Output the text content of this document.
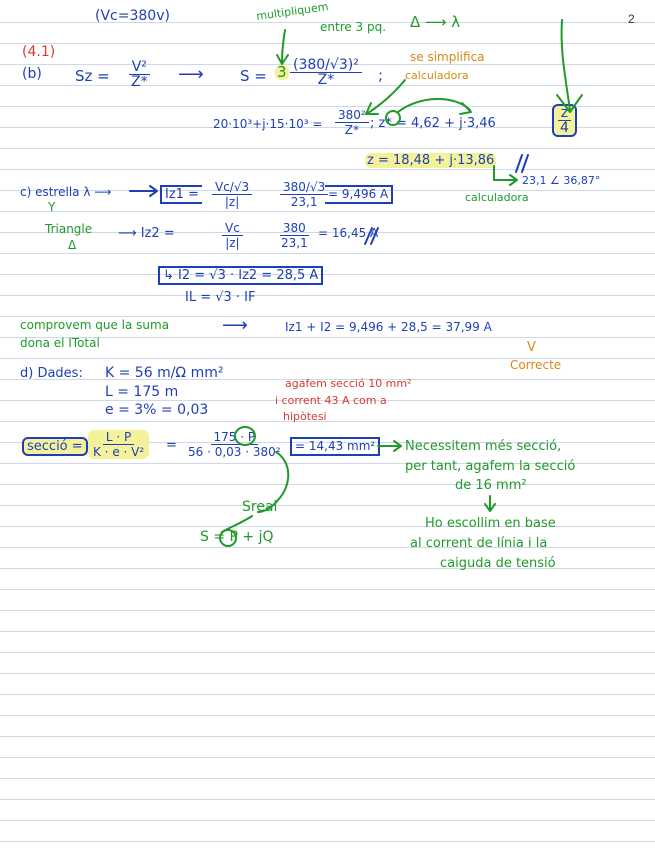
2
(Vc=380v)	multipliquem
entre 3 pq. Δ ⟶ λ
(4.1)
(b) $Sz = \frac{\text{V²}}{Z*}$ ⟶ $S = 3 \frac{\text{(380/√3)²}}{Z*}$ ;
se simplifica
calculadora
$20\cdot 10^3+j\cdot 15\cdot 10^3 = \frac{\text{380²}}{Z*}$ ; z* = 4,62 + j·3,46	$\frac{z}{4}$
z = 18,48 + j·13,86
23,1 ∠ 36,87°
calculadora
c) estrella λ ⟶
Y
$Iz1 = \frac{Vc/√3}{|z|} \frac{380/√3}{23,1} = 9,496$ A
Triangle
Δ
⟶ Iz2 =	$\frac{Vc}{|z|}$	$\frac{380}{23,1} = 16,45$ A
↳ I2 = √3 · Iz2 = 28,5 A
IL = √3 · IF
comprovem que la suma
dona el ITotal
⟶	Iz1 + I2 = 9,496 + 28,5 = 37,99 A
V
Correcte
d) Dades: K = 56 m/Ω mm²
L = 175 m
e = 3% = 0,03
agafem secció 10 mm²
i corrent 43 A com a
hipòtesi
secció = $\frac{L \cdot P}{\text{K · e · V²}} = \frac{175 \cdot P}{\text{56 · 0,03 · 380²}} = 14,43$ mm²	Necessitem més secció,
per tant, agafem la secció
de 16 mm²
Ho escollim en base
al corrent de línia i la
caiguda de tensió
Sreal
S = P + jQ
